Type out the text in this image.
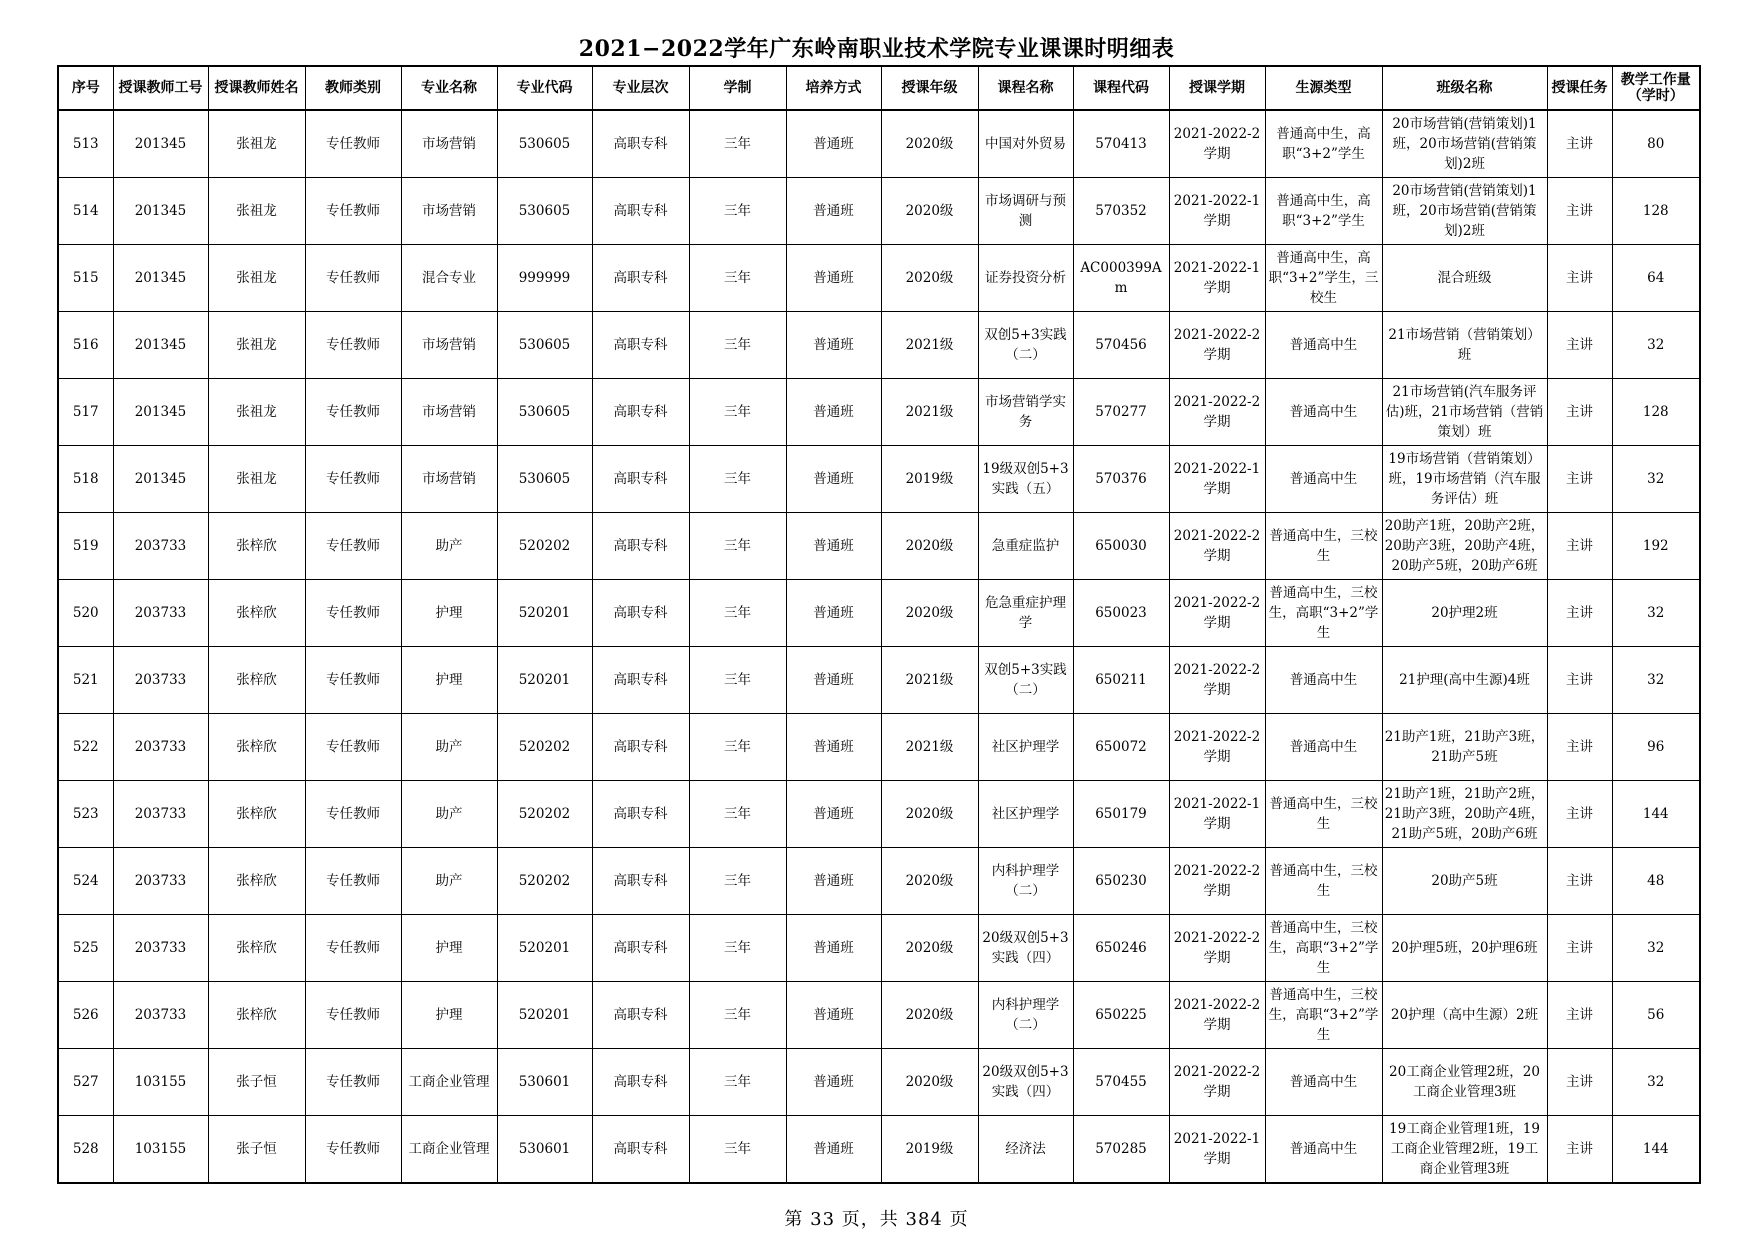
2021−2022学年广东岭南职业技术学院专业课课时明细表
序号	授课教师工号	授课教师姓名	教师类别	专业名称	专业代码	专业层次	学制	培养方式	授课年级	课程名称	课程代码	授课学期	生源类型	班级名称	授课任务	教学工作量（学时）

513	201345	张祖龙	专任教师	市场营销	530605	高职专科	三年	普通班	2020级	中国对外贸易	570413	2021-2022-2学期	普通高中生，高职“3+2”学生	20市场营销(营销策划)1班，20市场营销(营销策划)2班	主讲	80

514	201345	张祖龙	专任教师	市场营销	530605	高职专科	三年	普通班	2020级	市场调研与预测	570352	2021-2022-1学期	普通高中生，高职“3+2”学生	20市场营销(营销策划)1班，20市场营销(营销策划)2班	主讲	128

515	201345	张祖龙	专任教师	混合专业	999999	高职专科	三年	普通班	2020级	证券投资分析	AC000399Am	2021-2022-1学期	普通高中生，高职“3+2”学生，三校生	混合班级	主讲	64

516	201345	张祖龙	专任教师	市场营销	530605	高职专科	三年	普通班	2021级	双创5+3实践（二）	570456	2021-2022-2学期	普通高中生	21市场营销（营销策划）班	主讲	32

517	201345	张祖龙	专任教师	市场营销	530605	高职专科	三年	普通班	2021级	市场营销学实务	570277	2021-2022-2学期	普通高中生	21市场营销(汽车服务评估)班，21市场营销（营销策划）班	主讲	128

518	201345	张祖龙	专任教师	市场营销	530605	高职专科	三年	普通班	2019级	19级双创5+3实践（五）	570376	2021-2022-1学期	普通高中生	19市场营销（营销策划）班，19市场营销（汽车服务评估）班	主讲	32

519	203733	张梓欣	专任教师	助产	520202	高职专科	三年	普通班	2020级	急重症监护	650030	2021-2022-2学期	普通高中生，三校生	20助产1班，20助产2班，20助产3班，20助产4班，20助产5班，20助产6班	主讲	192

520	203733	张梓欣	专任教师	护理	520201	高职专科	三年	普通班	2020级	危急重症护理学	650023	2021-2022-2学期	普通高中生，三校生，高职“3+2”学生	20护理2班	主讲	32

521	203733	张梓欣	专任教师	护理	520201	高职专科	三年	普通班	2021级	双创5+3实践（二）	650211	2021-2022-2学期	普通高中生	21护理(高中生源)4班	主讲	32

522	203733	张梓欣	专任教师	助产	520202	高职专科	三年	普通班	2021级	社区护理学	650072	2021-2022-2学期	普通高中生	21助产1班，21助产3班，21助产5班	主讲	96

523	203733	张梓欣	专任教师	助产	520202	高职专科	三年	普通班	2020级	社区护理学	650179	2021-2022-1学期	普通高中生，三校生	21助产1班，21助产2班，21助产3班，20助产4班，21助产5班，20助产6班	主讲	144

524	203733	张梓欣	专任教师	助产	520202	高职专科	三年	普通班	2020级	内科护理学（二）	650230	2021-2022-2学期	普通高中生，三校生	20助产5班	主讲	48

525	203733	张梓欣	专任教师	护理	520201	高职专科	三年	普通班	2020级	20级双创5+3实践（四）	650246	2021-2022-2学期	普通高中生，三校生，高职“3+2”学生	20护理5班，20护理6班	主讲	32

526	203733	张梓欣	专任教师	护理	520201	高职专科	三年	普通班	2020级	内科护理学（二）	650225	2021-2022-2学期	普通高中生，三校生，高职“3+2”学生	20护理（高中生源）2班	主讲	56

527	103155	张子恒	专任教师	工商企业管理	530601	高职专科	三年	普通班	2020级	20级双创5+3实践（四）	570455	2021-2022-2学期	普通高中生	20工商企业管理2班，20工商企业管理3班	主讲	32

528	103155	张子恒	专任教师	工商企业管理	530601	高职专科	三年	普通班	2019级	经济法	570285	2021-2022-1学期	普通高中生	19工商企业管理1班，19工商企业管理2班，19工商企业管理3班	主讲	144
第 33 页，共 384 页
